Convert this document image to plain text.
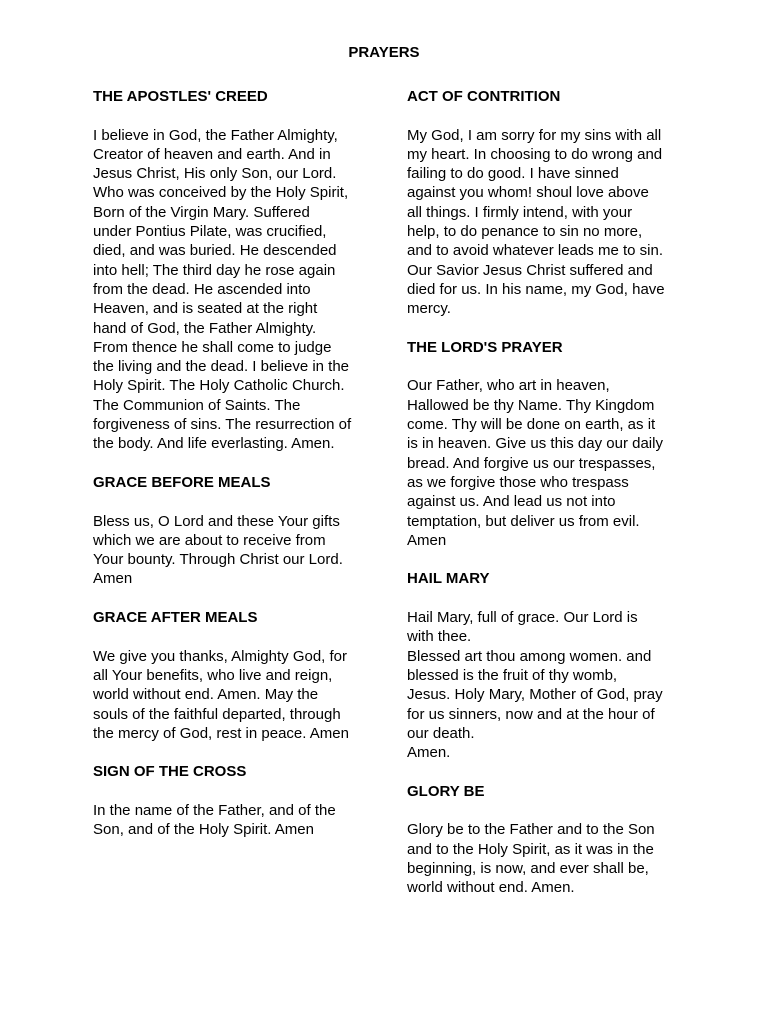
PRAYERS

THE APOSTLES' CREED

I believe in God, the Father Almighty,
Creator of heaven and earth. And in
Jesus Christ, His only Son, our Lord.
Who was conceived by the Holy Spirit,
Born of the Virgin Mary. Suffered
under Pontius Pilate, was crucified,
died, and was buried. He descended
into hell; The third day he rose again
from the dead. He ascended into
Heaven, and is seated at the right
hand of God, the Father Almighty.
From thence he shall come to judge
the living and the dead. I believe in the
Holy Spirit. The Holy Catholic Church.
The Communion of Saints. The
forgiveness of sins. The resurrection of
the body. And life everlasting. Amen.

GRACE BEFORE MEALS

Bless us, O Lord and these Your gifts
which we are about to receive from
Your bounty. Through Christ our Lord.
Amen

GRACE AFTER MEALS

We give you thanks, Almighty God, for
all Your benefits, who live and reign,
world without end. Amen. May the
souls of the faithful departed, through
the mercy of God, rest in peace. Amen

SIGN OF THE CROSS

In the name of the Father, and of the
Son, and of the Holy Spirit. Amen

ACT OF CONTRITION

My God, I am sorry for my sins with all
my heart. In choosing to do wrong and
failing to do good. I have sinned
against you whom! shoul love above
all things. I firmly intend, with your
help, to do penance to sin no more,
and to avoid whatever leads me to sin.
Our Savior Jesus Christ suffered and
died for us. In his name, my God, have
mercy.

THE LORD'S PRAYER

Our Father, who art in heaven,
Hallowed be thy Name. Thy Kingdom
come. Thy will be done on earth, as it
is in heaven. Give us this day our daily
bread. And forgive us our trespasses,
as we forgive those who trespass
against us. And lead us not into
temptation, but deliver us from evil.
Amen

HAIL MARY

Hail Mary, full of grace. Our Lord is
with thee.
Blessed art thou among women. and
blessed is the fruit of thy womb,
Jesus. Holy Mary, Mother of God, pray
for us sinners, now and at the hour of
our death.
Amen.

GLORY BE

Glory be to the Father and to the Son
and to the Holy Spirit, as it was in the
beginning, is now, and ever shall be,
world without end. Amen.
